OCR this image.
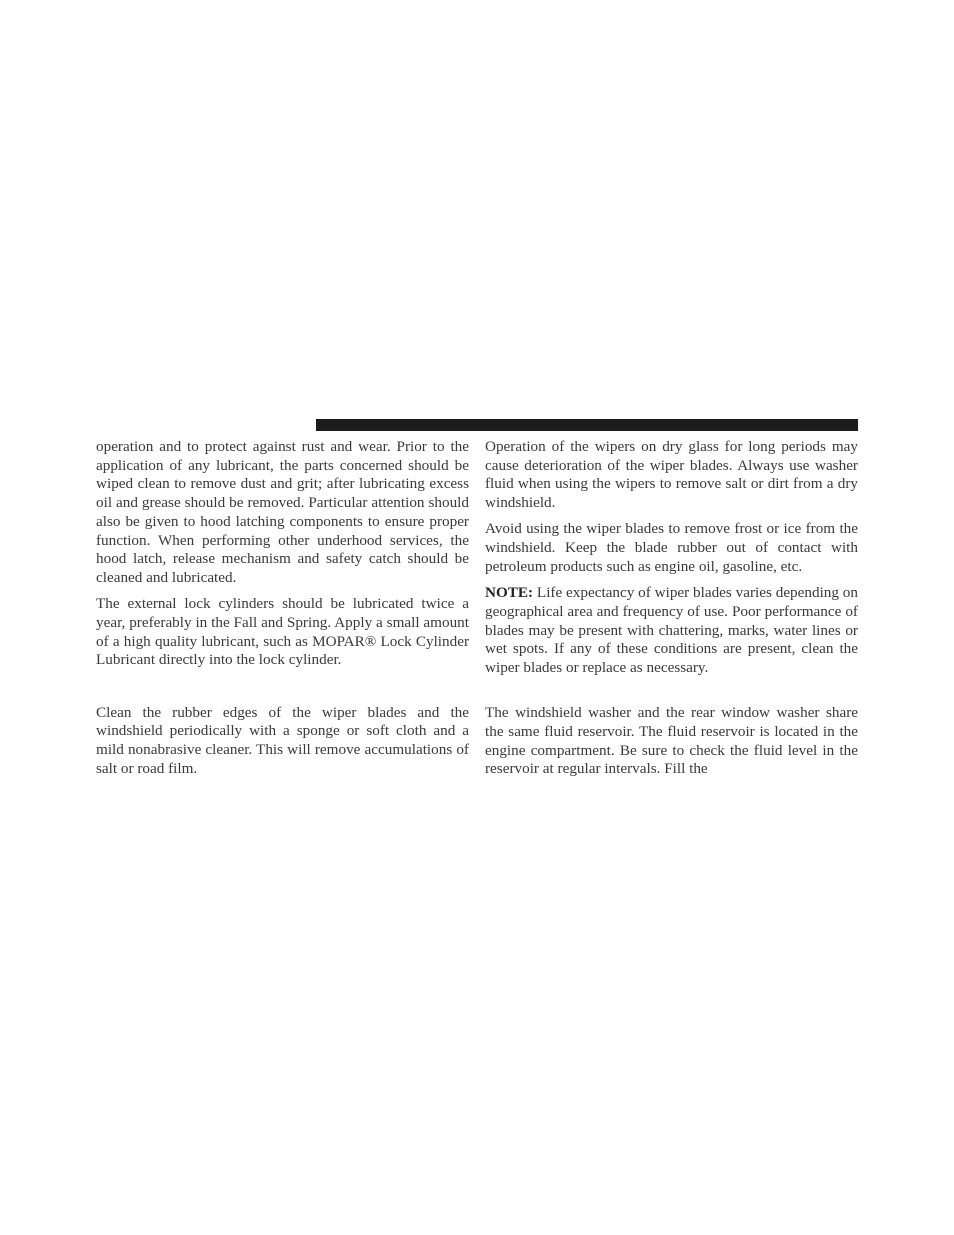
operation and to protect against rust and wear. Prior to the application of any lubricant, the parts concerned should be wiped clean to remove dust and grit; after lubricating excess oil and grease should be removed. Particular attention should also be given to hood latching components to ensure proper function. When performing other underhood services, the hood latch, release mechanism and safety catch should be cleaned and lubricated.

The external lock cylinders should be lubricated twice a year, preferably in the Fall and Spring. Apply a small amount of a high quality lubricant, such as MOPAR® Lock Cylinder Lubricant directly into the lock cylinder.

Clean the rubber edges of the wiper blades and the windshield periodically with a sponge or soft cloth and a mild nonabrasive cleaner. This will remove accumulations of salt or road film.

Operation of the wipers on dry glass for long periods may cause deterioration of the wiper blades. Always use washer fluid when using the wipers to remove salt or dirt from a dry windshield.

Avoid using the wiper blades to remove frost or ice from the windshield. Keep the blade rubber out of contact with petroleum products such as engine oil, gasoline, etc.

NOTE: Life expectancy of wiper blades varies depending on geographical area and frequency of use. Poor performance of blades may be present with chattering, marks, water lines or wet spots. If any of these conditions are present, clean the wiper blades or replace as necessary.

The windshield washer and the rear window washer share the same fluid reservoir. The fluid reservoir is located in the engine compartment. Be sure to check the fluid level in the reservoir at regular intervals. Fill the
